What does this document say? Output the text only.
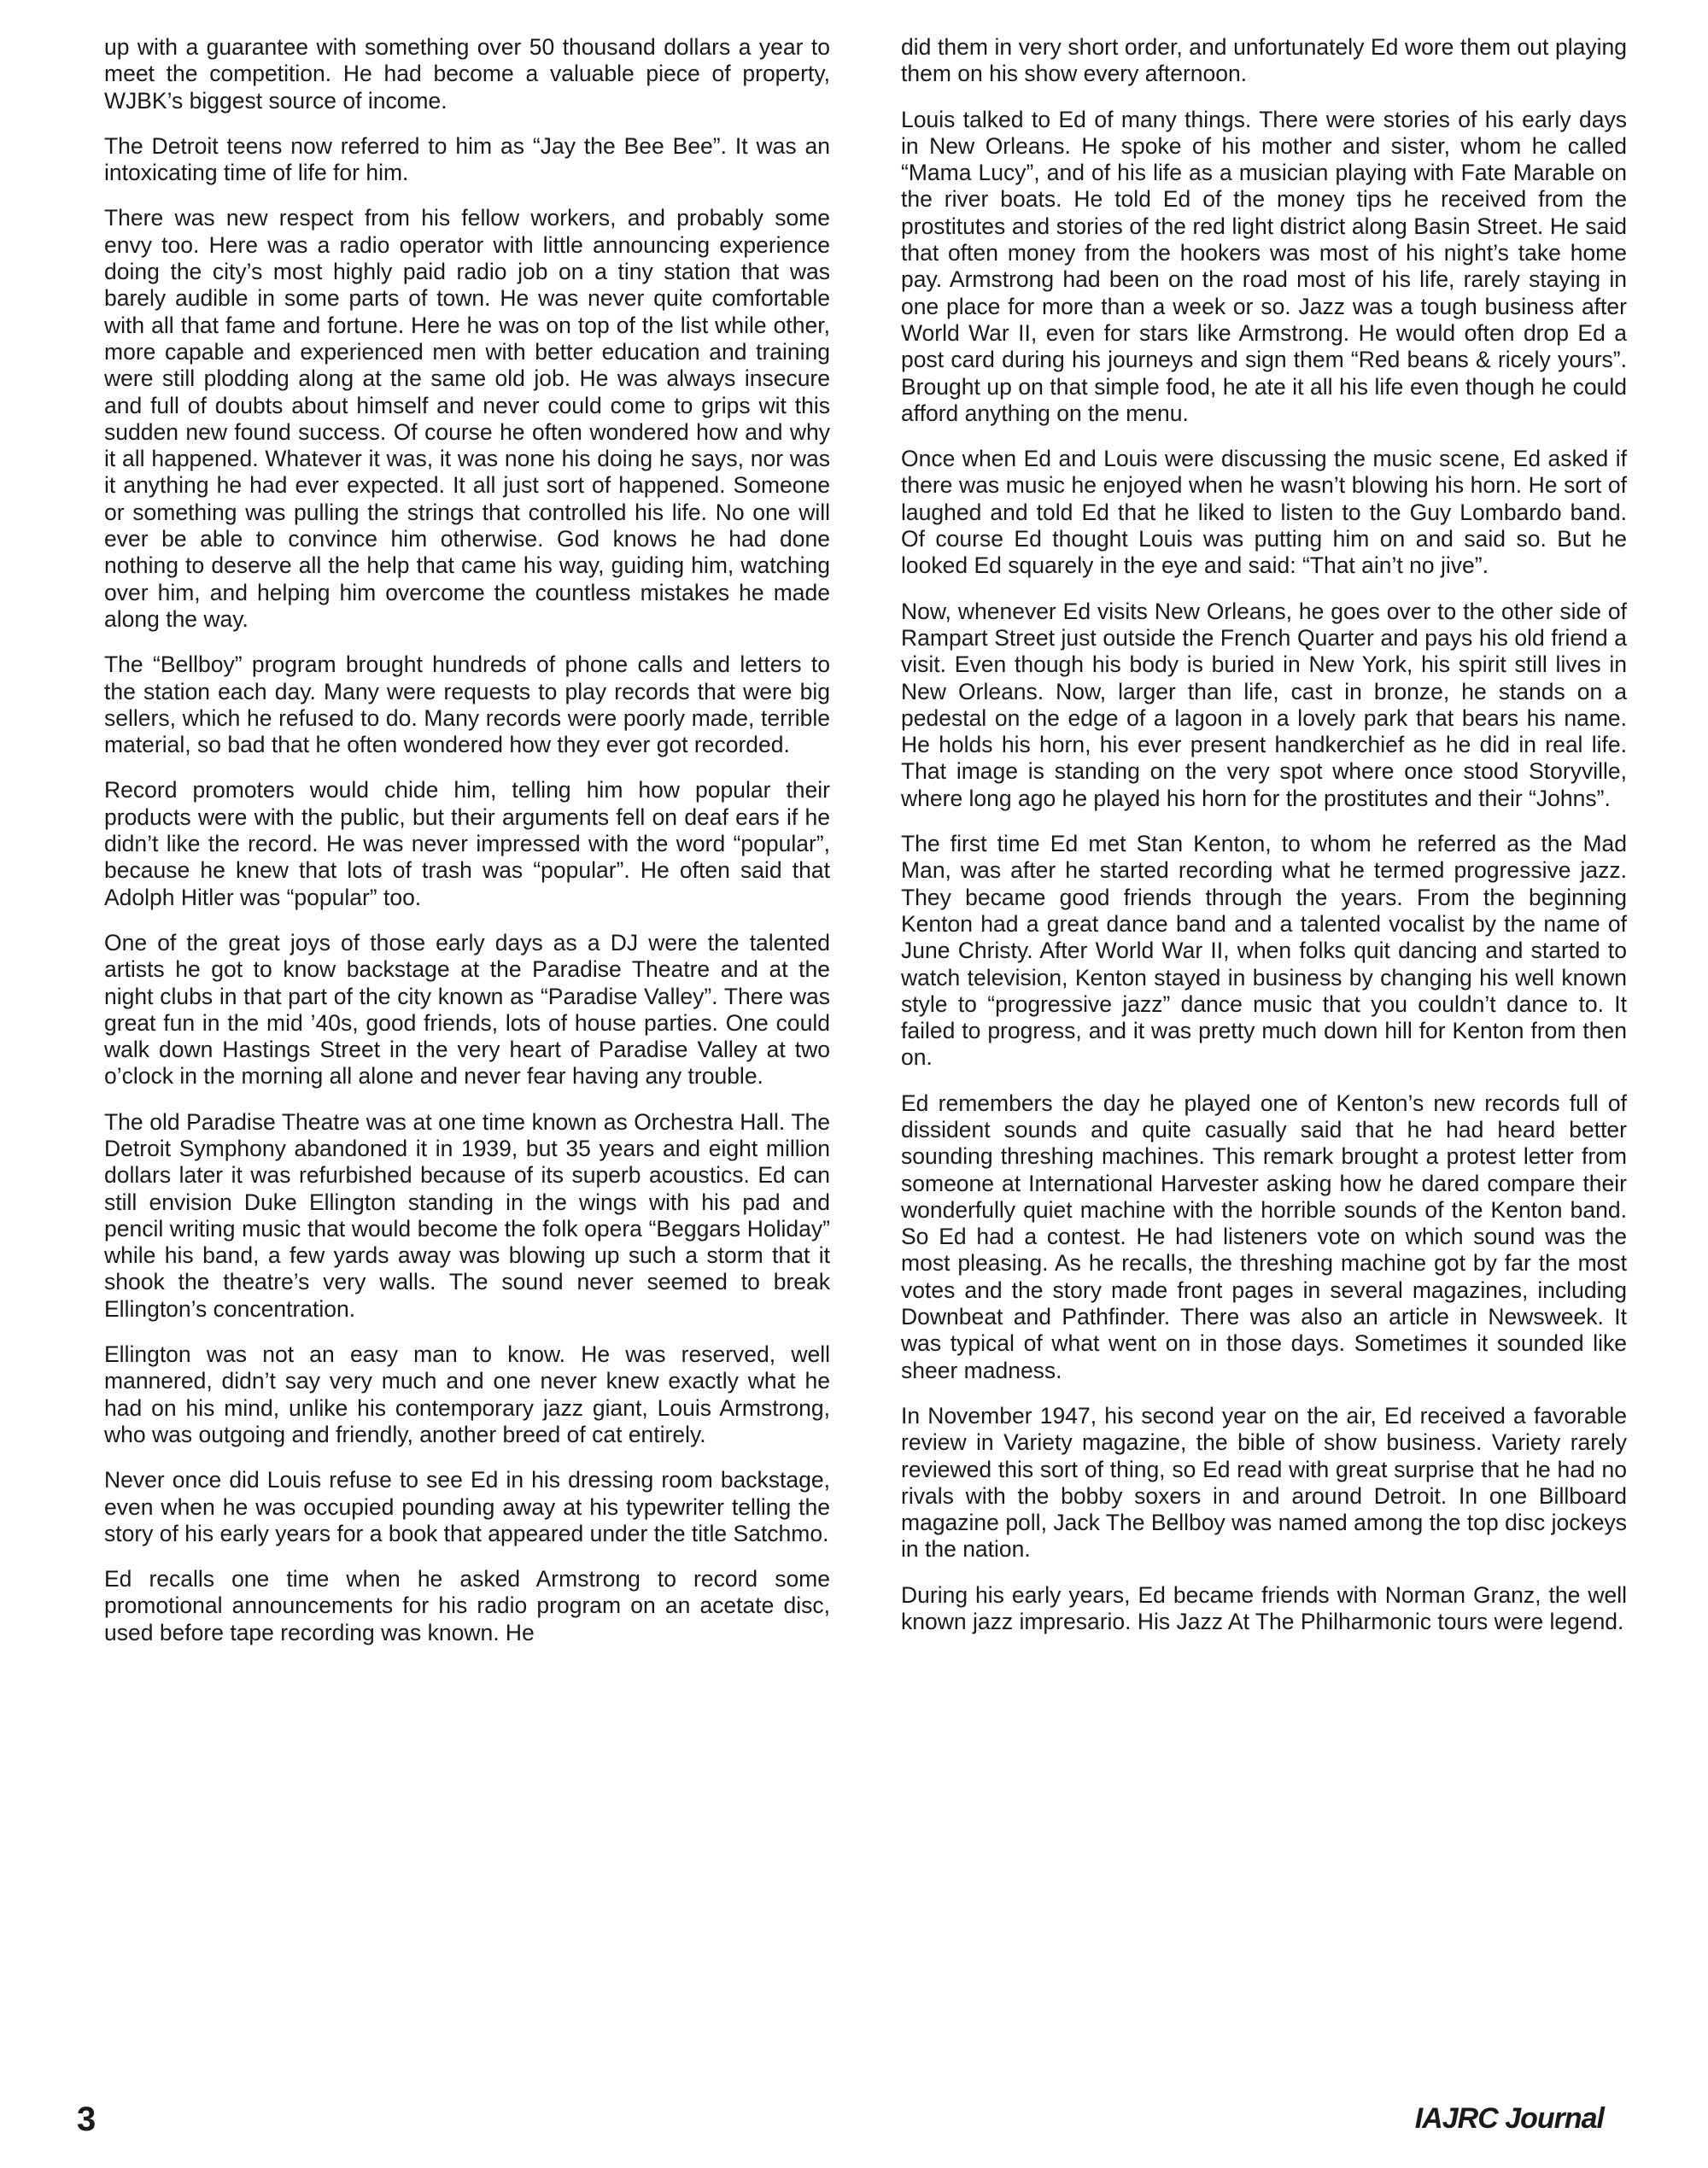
up with a guarantee with something over 50 thousand dollars a year to meet the competition. He had become a valuable piece of property, WJBK’s biggest source of income.

The Detroit teens now referred to him as “Jay the Bee Bee”. It was an intoxicating time of life for him.

There was new respect from his fellow workers, and probably some envy too. Here was a radio operator with little announcing experience doing the city’s most highly paid radio job on a tiny station that was barely audible in some parts of town. He was never quite comfortable with all that fame and fortune. Here he was on top of the list while other, more capable and experienced men with better education and training were still plodding along at the same old job. He was always insecure and full of doubts about himself and never could come to grips wit this sudden new found success. Of course he often wondered how and why it all happened. Whatever it was, it was none his doing he says, nor was it anything he had ever expected. It all just sort of happened. Someone or something was pulling the strings that controlled his life. No one will ever be able to convince him otherwise. God knows he had done nothing to deserve all the help that came his way, guiding him, watching over him, and helping him overcome the countless mistakes he made along the way.

The “Bellboy” program brought hundreds of phone calls and letters to the station each day. Many were requests to play records that were big sellers, which he refused to do. Many records were poorly made, terrible material, so bad that he often wondered how they ever got recorded.

Record promoters would chide him, telling him how popular their products were with the public, but their arguments fell on deaf ears if he didn’t like the record. He was never impressed with the word “popular”, because he knew that lots of trash was “popular”. He often said that Adolph Hitler was “popular” too.

One of the great joys of those early days as a DJ were the talented artists he got to know backstage at the Paradise Theatre and at the night clubs in that part of the city known as “Paradise Valley”. There was great fun in the mid ’40s, good friends, lots of house parties. One could walk down Hastings Street in the very heart of Paradise Valley at two o’clock in the morning all alone and never fear having any trouble.

The old Paradise Theatre was at one time known as Orchestra Hall. The Detroit Symphony abandoned it in 1939, but 35 years and eight million dollars later it was refurbished because of its superb acoustics. Ed can still envision Duke Ellington standing in the wings with his pad and pencil writing music that would become the folk opera “Beggars Holiday” while his band, a few yards away was blowing up such a storm that it shook the theatre’s very walls. The sound never seemed to break Ellington’s concentration.

Ellington was not an easy man to know. He was reserved, well mannered, didn’t say very much and one never knew exactly what he had on his mind, unlike his contemporary jazz giant, Louis Armstrong, who was outgoing and friendly, another breed of cat entirely.

Never once did Louis refuse to see Ed in his dressing room backstage, even when he was occupied pounding away at his typewriter telling the story of his early years for a book that appeared under the title Satchmo.

Ed recalls one time when he asked Armstrong to record some promotional announcements for his radio program on an acetate disc, used before tape recording was known. He

did them in very short order, and unfortunately Ed wore them out playing them on his show every afternoon.

Louis talked to Ed of many things. There were stories of his early days in New Orleans. He spoke of his mother and sister, whom he called “Mama Lucy”, and of his life as a musician playing with Fate Marable on the river boats. He told Ed of the money tips he received from the prostitutes and stories of the red light district along Basin Street. He said that often money from the hookers was most of his night’s take home pay. Armstrong had been on the road most of his life, rarely staying in one place for more than a week or so. Jazz was a tough business after World War II, even for stars like Armstrong. He would often drop Ed a post card during his journeys and sign them “Red beans & ricely yours”. Brought up on that simple food, he ate it all his life even though he could afford anything on the menu.

Once when Ed and Louis were discussing the music scene, Ed asked if there was music he enjoyed when he wasn’t blowing his horn. He sort of laughed and told Ed that he liked to listen to the Guy Lombardo band. Of course Ed thought Louis was putting him on and said so. But he looked Ed squarely in the eye and said: “That ain’t no jive”.

Now, whenever Ed visits New Orleans, he goes over to the other side of Rampart Street just outside the French Quarter and pays his old friend a visit. Even though his body is buried in New York, his spirit still lives in New Orleans. Now, larger than life, cast in bronze, he stands on a pedestal on the edge of a lagoon in a lovely park that bears his name. He holds his horn, his ever present handkerchief as he did in real life. That image is standing on the very spot where once stood Storyville, where long ago he played his horn for the prostitutes and their “Johns”.

The first time Ed met Stan Kenton, to whom he referred as the Mad Man, was after he started recording what he termed progressive jazz. They became good friends through the years. From the beginning Kenton had a great dance band and a talented vocalist by the name of June Christy. After World War II, when folks quit dancing and started to watch television, Kenton stayed in business by changing his well known style to “progressive jazz” dance music that you couldn’t dance to. It failed to progress, and it was pretty much down hill for Kenton from then on.

Ed remembers the day he played one of Kenton’s new records full of dissident sounds and quite casually said that he had heard better sounding threshing machines. This remark brought a protest letter from someone at International Harvester asking how he dared compare their wonderfully quiet machine with the horrible sounds of the Kenton band. So Ed had a contest. He had listeners vote on which sound was the most pleasing. As he recalls, the threshing machine got by far the most votes and the story made front pages in several magazines, including Downbeat and Pathfinder. There was also an article in Newsweek. It was typical of what went on in those days. Sometimes it sounded like sheer madness.

In November 1947, his second year on the air, Ed received a favorable review in Variety magazine, the bible of show business. Variety rarely reviewed this sort of thing, so Ed read with great surprise that he had no rivals with the bobby soxers in and around Detroit. In one Billboard magazine poll, Jack The Bellboy was named among the top disc jockeys in the nation.

During his early years, Ed became friends with Norman Granz, the well known jazz impresario. His Jazz At The Philharmonic tours were legend.

3	IAJRC Journal
